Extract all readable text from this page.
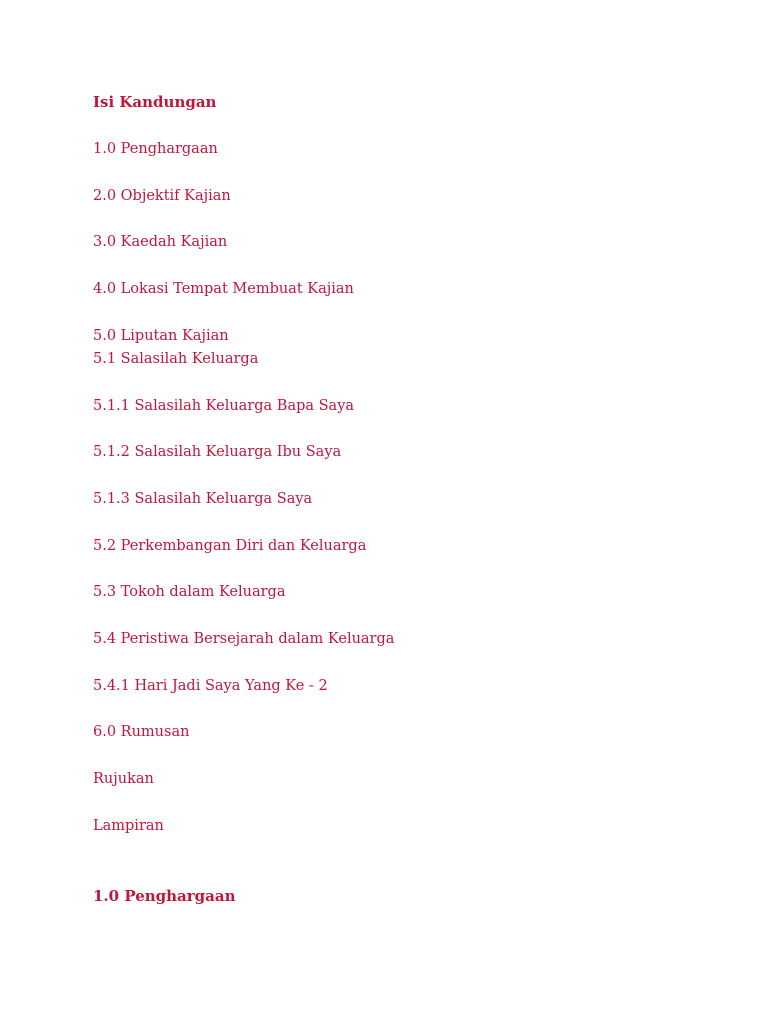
Isi Kandungan
1.0 Penghargaan
2.0 Objektif Kajian
3.0 Kaedah Kajian
4.0 Lokasi Tempat Membuat Kajian
5.0 Liputan Kajian
5.1 Salasilah Keluarga
5.1.1 Salasilah Keluarga Bapa Saya
5.1.2 Salasilah Keluarga Ibu Saya
5.1.3 Salasilah Keluarga Saya
5.2 Perkembangan Diri dan Keluarga
5.3 Tokoh dalam Keluarga
5.4 Peristiwa Bersejarah dalam Keluarga
5.4.1 Hari Jadi Saya Yang Ke - 2
6.0 Rumusan
Rujukan
Lampiran
1.0 Penghargaan
